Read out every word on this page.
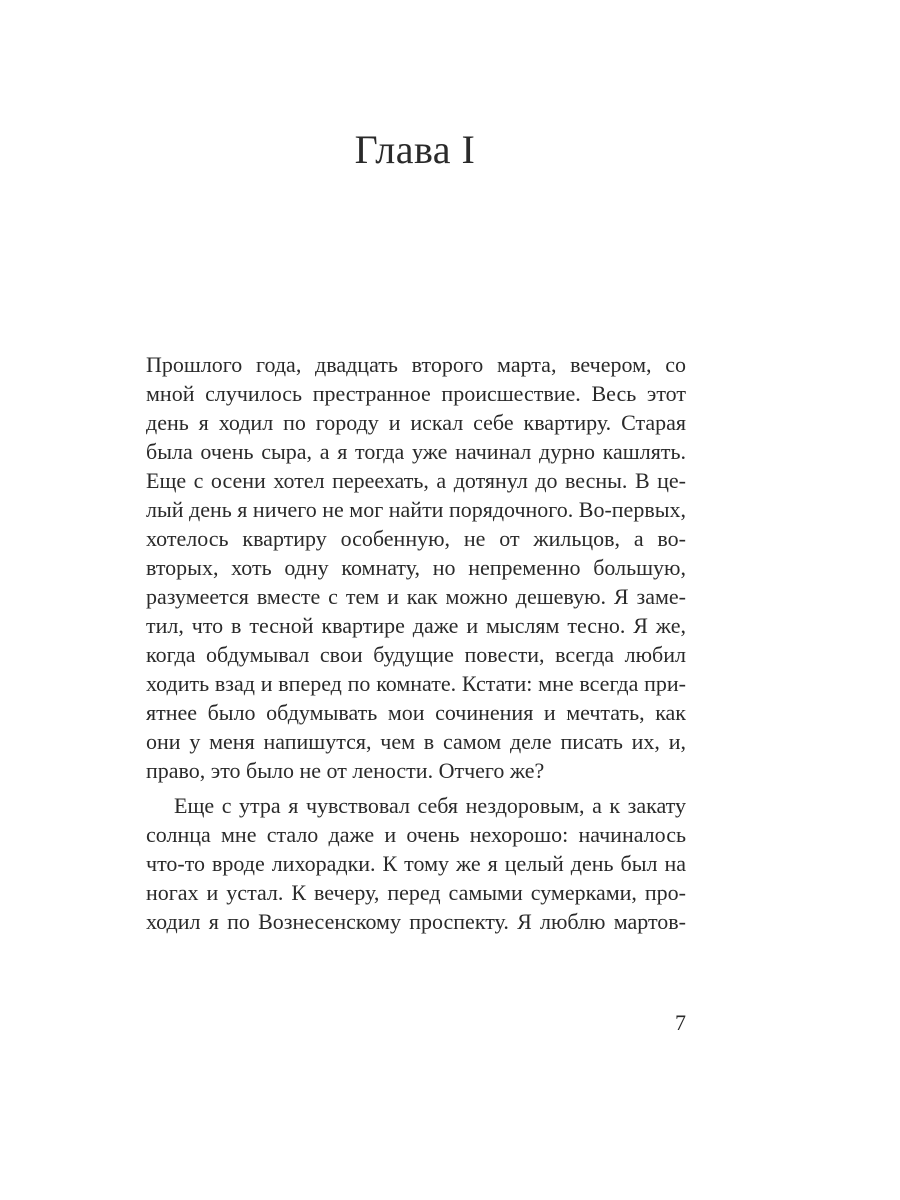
Глава I
Прошлого года, двадцать второго марта, вечером, со
мной случилось престранное происшествие. Весь этот
день я ходил по городу и искал себе квартиру. Старая
была очень сыра, а я тогда уже начинал дурно кашлять.
Еще с осени хотел переехать, а дотянул до весны. В це-
лый день я ничего не мог найти порядочного. Во-первых,
хотелось квартиру особенную, не от жильцов, а во-
вторых, хоть одну комнату, но непременно большую,
разумеется вместе с тем и как можно дешевую. Я заме-
тил, что в тесной квартире даже и мыслям тесно. Я же,
когда обдумывал свои будущие повести, всегда любил
ходить взад и вперед по комнате. Кстати: мне всегда при-
ятнее было обдумывать мои сочинения и мечтать, как
они у меня напишутся, чем в самом деле писать их, и,
право, это было не от лености. Отчего же?
Еще с утра я чувствовал себя нездоровым, а к закату
солнца мне стало даже и очень нехорошо: начиналось
что-то вроде лихорадки. К тому же я целый день был на
ногах и устал. К вечеру, перед самыми сумерками, про-
ходил я по Вознесенскому проспекту. Я люблю мартов-

7
